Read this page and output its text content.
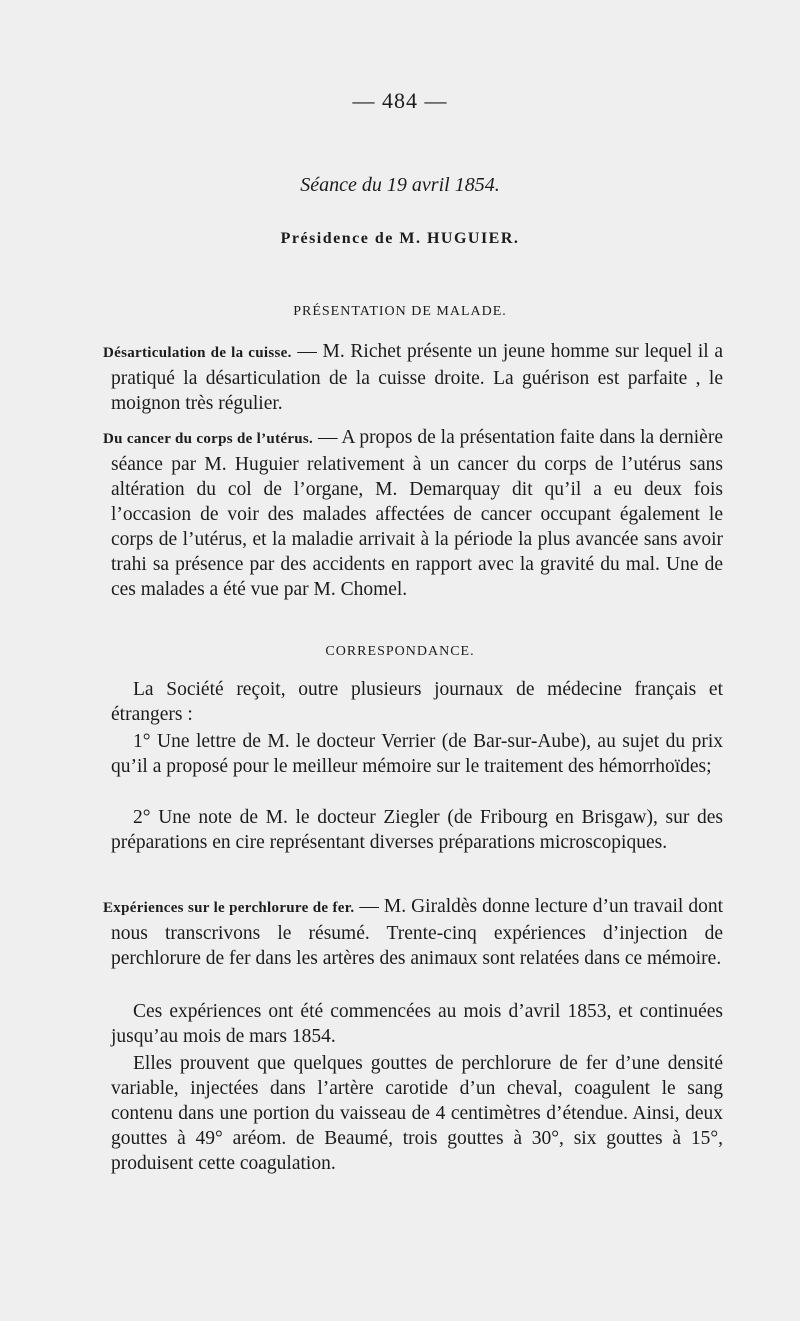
— 484 —
Séance du 19 avril 1854.
Présidence de M. HUGUIER.
PRÉSENTATION DE MALADE.
Désarticulation de la cuisse. — M. Richet présente un jeune homme sur lequel il a pratiqué la désarticulation de la cuisse droite. La guérison est parfaite , le moignon très régulier.
Du cancer du corps de l’utérus. — A propos de la présentation faite dans la dernière séance par M. Huguier relativement à un cancer du corps de l’utérus sans altération du col de l’organe, M. Demarquay dit qu’il a eu deux fois l’occasion de voir des malades affectées de cancer occupant également le corps de l’utérus, et la maladie arrivait à la période la plus avancée sans avoir trahi sa présence par des accidents en rapport avec la gravité du mal. Une de ces malades a été vue par M. Chomel.
CORRESPONDANCE.
La Société reçoit, outre plusieurs journaux de médecine français et étrangers :
1° Une lettre de M. le docteur Verrier (de Bar-sur-Aube), au sujet du prix qu’il a proposé pour le meilleur mémoire sur le traitement des hémorrhoïdes;
2° Une note de M. le docteur Ziegler (de Fribourg en Brisgaw), sur des préparations en cire représentant diverses préparations microscopiques.
Expériences sur le perchlorure de fer. — M. Giraldès donne lecture d’un travail dont nous transcrivons le résumé. Trente-cinq expériences d’injection de perchlorure de fer dans les artères des animaux sont relatées dans ce mémoire.
Ces expériences ont été commencées au mois d’avril 1853, et continuées jusqu’au mois de mars 1854.
Elles prouvent que quelques gouttes de perchlorure de fer d’une densité variable, injectées dans l’artère carotide d’un cheval, coagulent le sang contenu dans une portion du vaisseau de 4 centimètres d’étendue. Ainsi, deux gouttes à 49° aréom. de Beaumé, trois gouttes à 30°, six gouttes à 15°, produisent cette coagulation.
